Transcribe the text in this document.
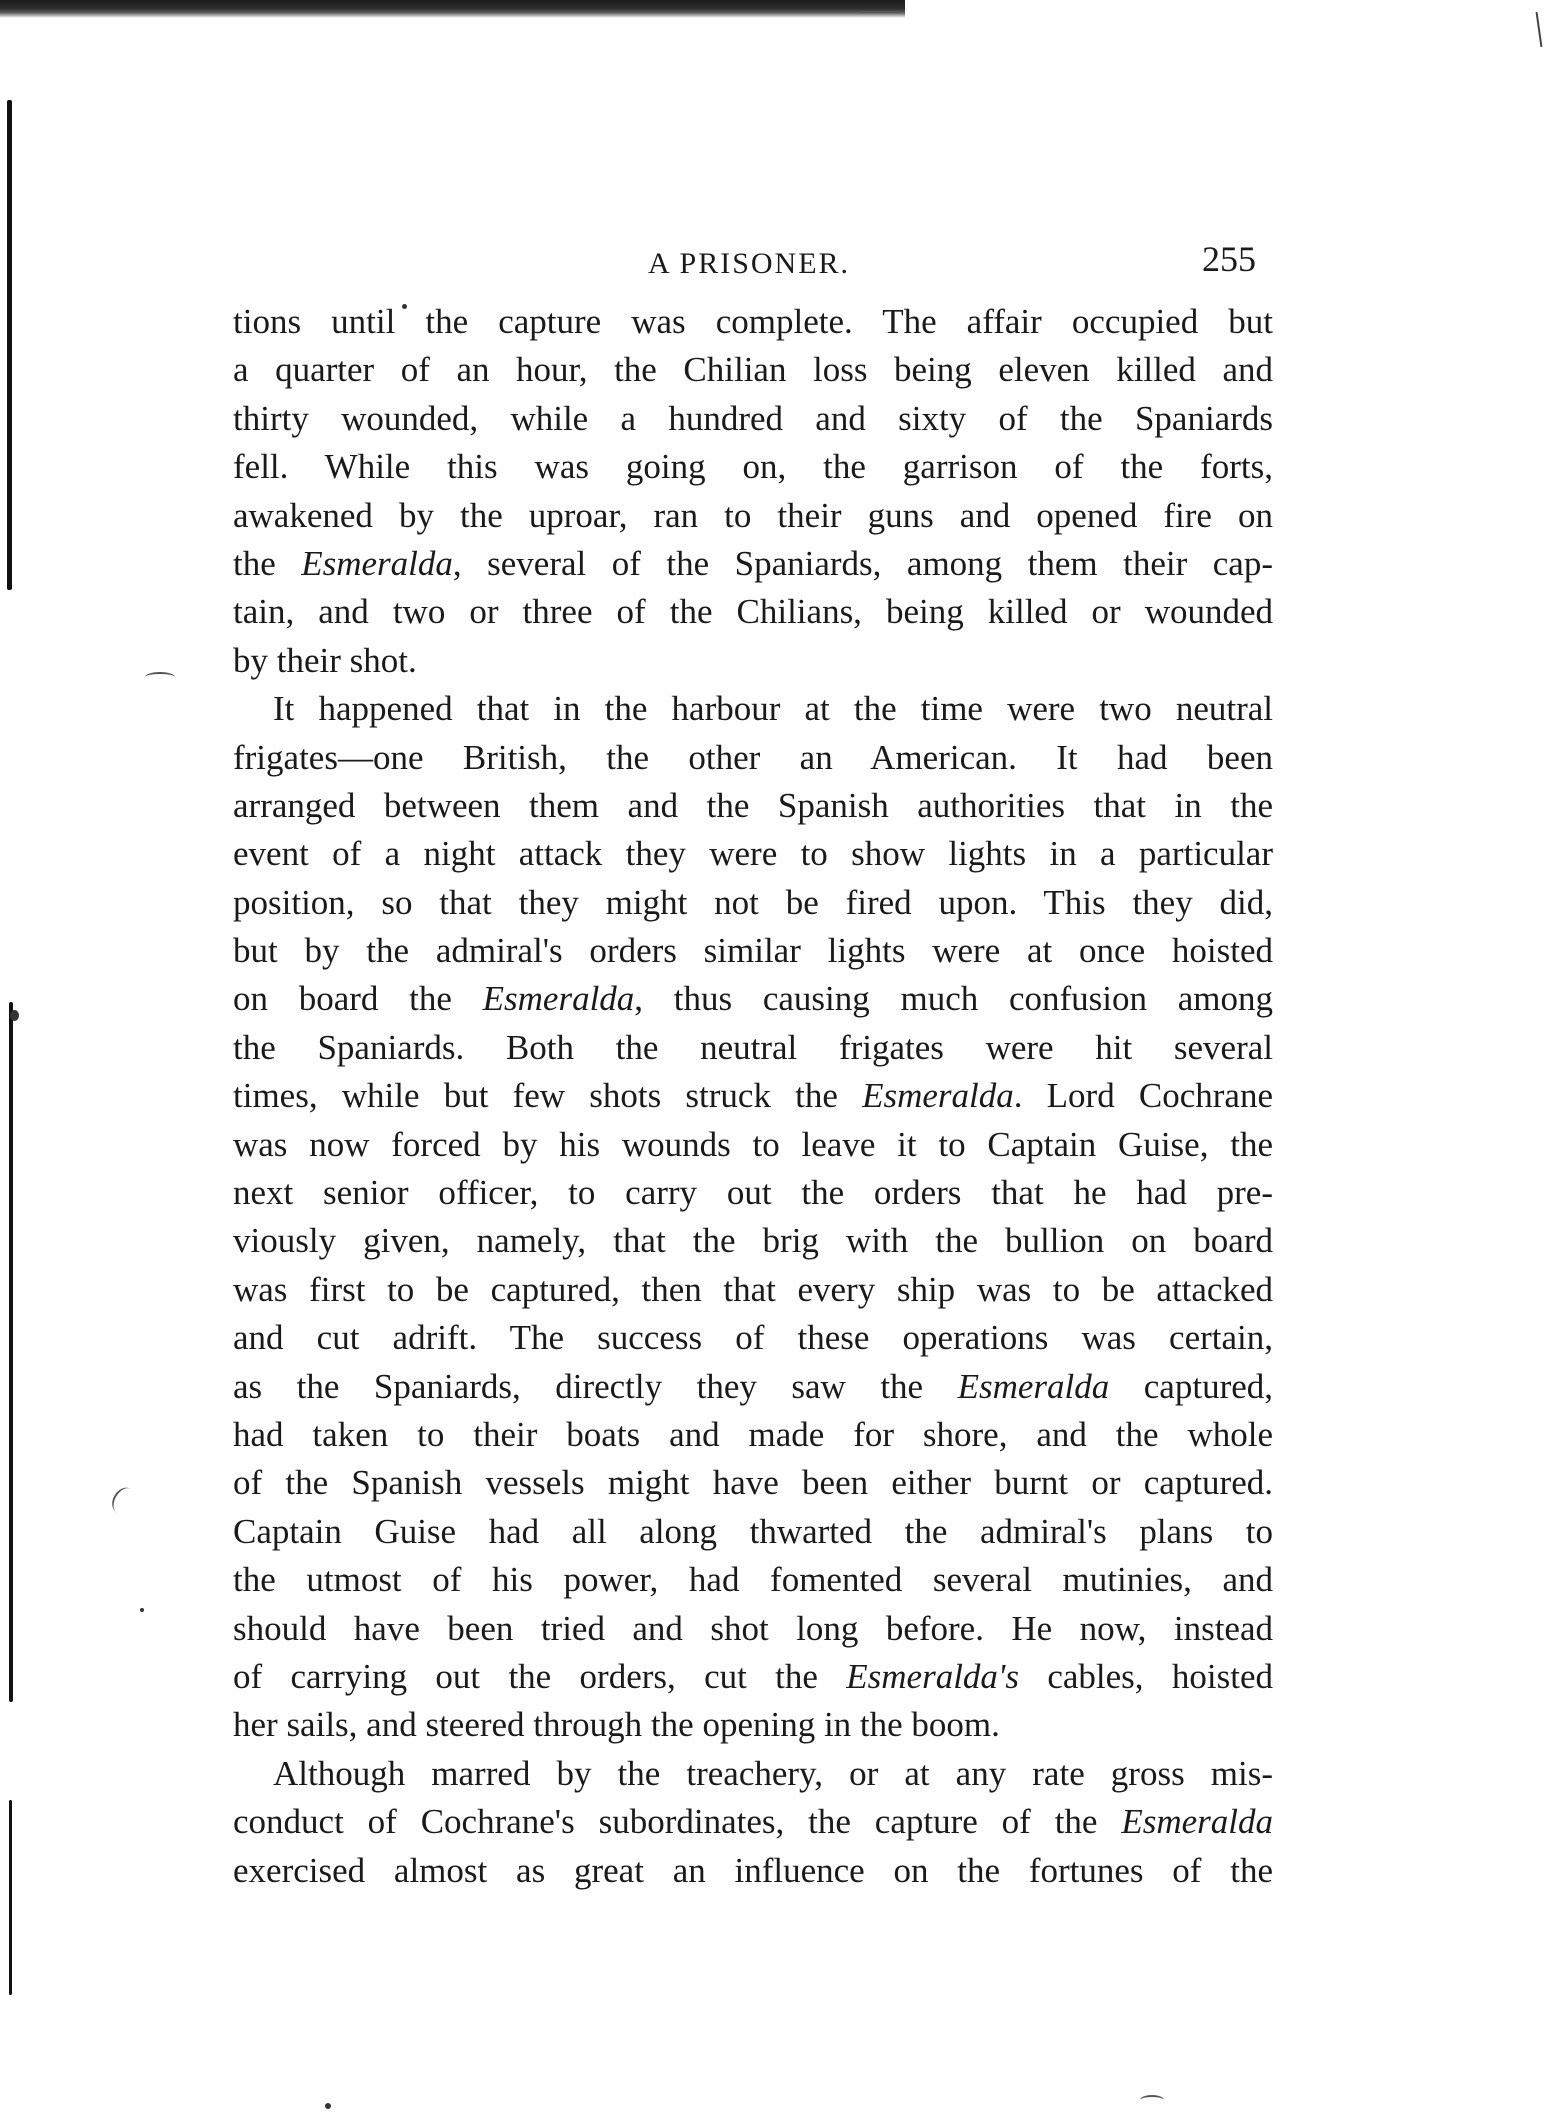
A PRISONER.	255
tions until the capture was complete. The affair occupied but
a quarter of an hour, the Chilian loss being eleven killed and
thirty wounded, while a hundred and sixty of the Spaniards
fell. While this was going on, the garrison of the forts,
awakened by the uproar, ran to their guns and opened fire on
the Esmeralda, several of the Spaniards, among them their cap-
tain, and two or three of the Chilians, being killed or wounded
by their shot.
It happened that in the harbour at the time were two neutral
frigates—one British, the other an American. It had been
arranged between them and the Spanish authorities that in the
event of a night attack they were to show lights in a particular
position, so that they might not be fired upon. This they did,
but by the admiral's orders similar lights were at once hoisted
on board the Esmeralda, thus causing much confusion among
the Spaniards. Both the neutral frigates were hit several
times, while but few shots struck the Esmeralda. Lord Cochrane
was now forced by his wounds to leave it to Captain Guise, the
next senior officer, to carry out the orders that he had pre-
viously given, namely, that the brig with the bullion on board
was first to be captured, then that every ship was to be attacked
and cut adrift. The success of these operations was certain,
as the Spaniards, directly they saw the Esmeralda captured,
had taken to their boats and made for shore, and the whole
of the Spanish vessels might have been either burnt or captured.
Captain Guise had all along thwarted the admiral's plans to
the utmost of his power, had fomented several mutinies, and
should have been tried and shot long before. He now, instead
of carrying out the orders, cut the Esmeralda's cables, hoisted
her sails, and steered through the opening in the boom.
Although marred by the treachery, or at any rate gross mis-
conduct of Cochrane's subordinates, the capture of the Esmeralda
exercised almost as great an influence on the fortunes of the
